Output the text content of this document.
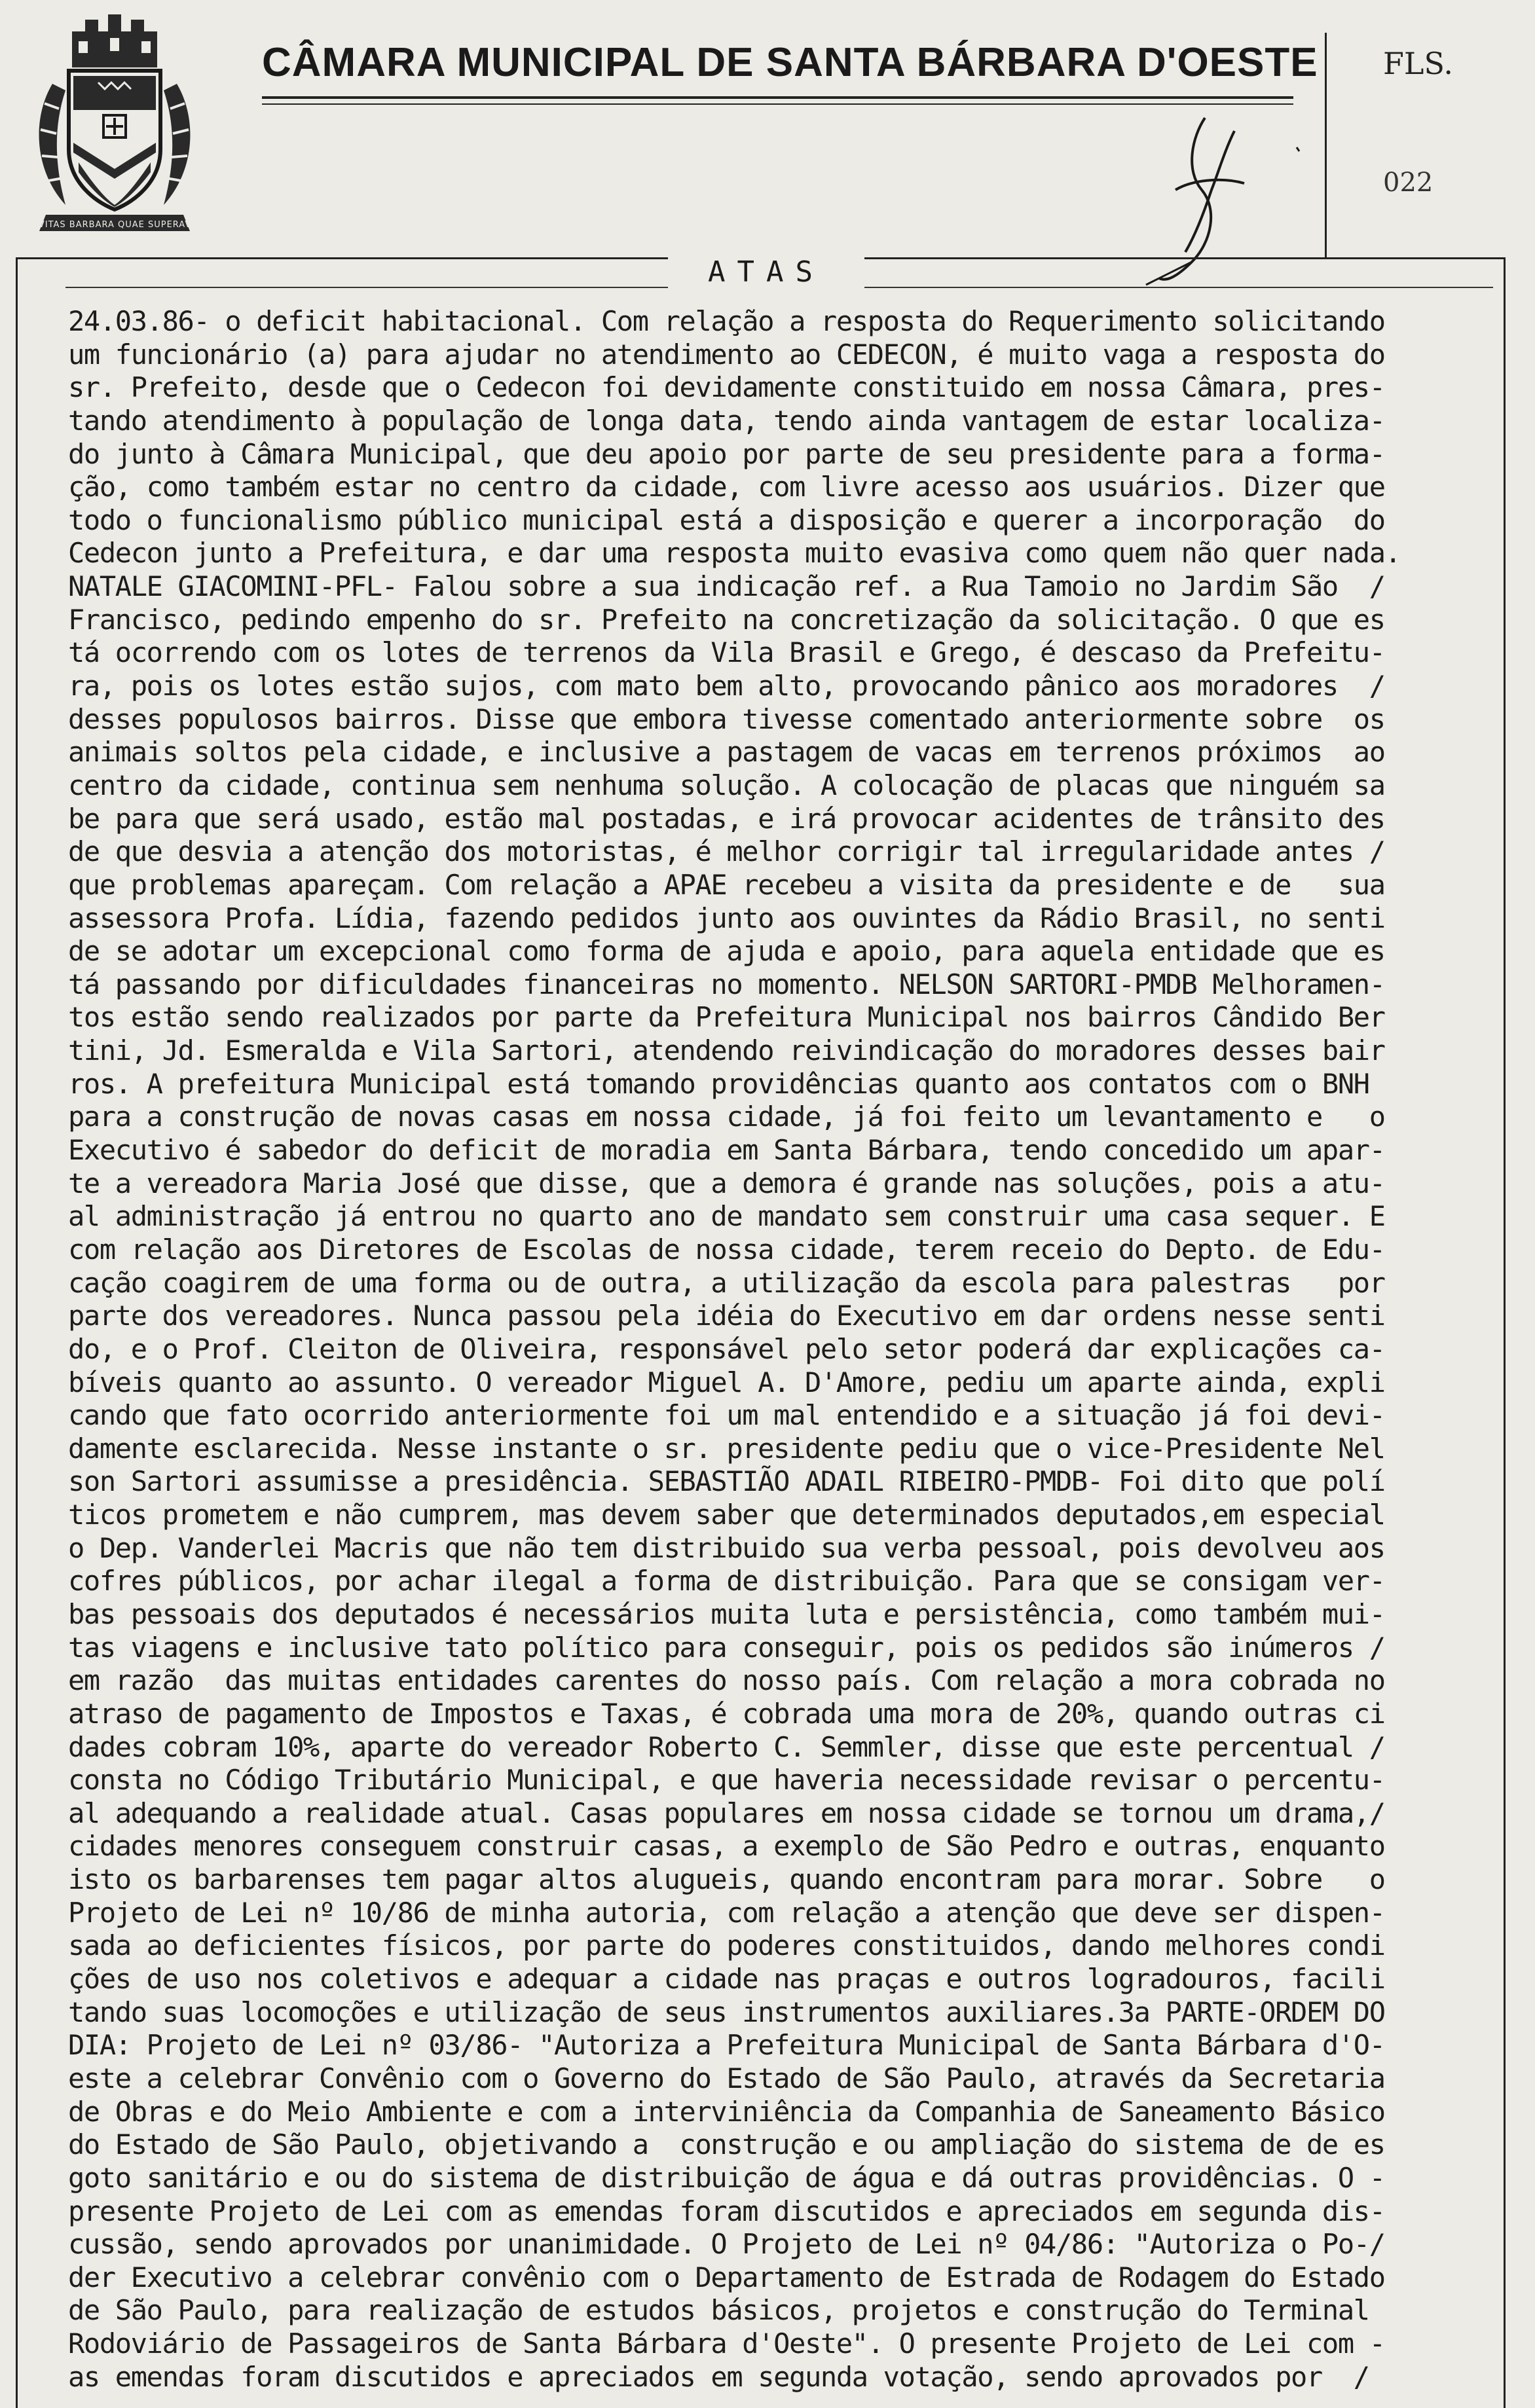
CIVITAS BARBARA QUAE SUPERAVIT
CÂMARA MUNICIPAL DE SANTA BÁRBARA D'OESTE FLS.
022
ATAS
24.03.86- o deficit habitacional. Com relação a resposta do Requerimento solicitando
um funcionário (a) para ajudar no atendimento ao CEDECON, é muito vaga a resposta do
sr. Prefeito, desde que o Cedecon foi devidamente constituido em nossa Câmara, pres-
tando atendimento à população de longa data, tendo ainda vantagem de estar localiza-
do junto à Câmara Municipal, que deu apoio por parte de seu presidente para a forma-
ção, como também estar no centro da cidade, com livre acesso aos usuários. Dizer que
todo o funcionalismo público municipal está a disposição e querer a incorporação  do
Cedecon junto a Prefeitura, e dar uma resposta muito evasiva como quem não quer nada.
NATALE GIACOMINI-PFL- Falou sobre a sua indicação ref. a Rua Tamoio no Jardim São  /
Francisco, pedindo empenho do sr. Prefeito na concretização da solicitação. O que es
tá ocorrendo com os lotes de terrenos da Vila Brasil e Grego, é descaso da Prefeitu-
ra, pois os lotes estão sujos, com mato bem alto, provocando pânico aos moradores  /
desses populosos bairros. Disse que embora tivesse comentado anteriormente sobre  os
animais soltos pela cidade, e inclusive a pastagem de vacas em terrenos próximos  ao
centro da cidade, continua sem nenhuma solução. A colocação de placas que ninguém sa
be para que será usado, estão mal postadas, e irá provocar acidentes de trânsito des
de que desvia a atenção dos motoristas, é melhor corrigir tal irregularidade antes /
que problemas apareçam. Com relação a APAE recebeu a visita da presidente e de   sua
assessora Profa. Lídia, fazendo pedidos junto aos ouvintes da Rádio Brasil, no senti
de se adotar um excepcional como forma de ajuda e apoio, para aquela entidade que es
tá passando por dificuldades financeiras no momento. NELSON SARTORI-PMDB Melhoramen-
tos estão sendo realizados por parte da Prefeitura Municipal nos bairros Cândido Ber
tini, Jd. Esmeralda e Vila Sartori, atendendo reivindicação do moradores desses bair
ros. A prefeitura Municipal está tomando providências quanto aos contatos com o BNH
para a construção de novas casas em nossa cidade, já foi feito um levantamento e   o
Executivo é sabedor do deficit de moradia em Santa Bárbara, tendo concedido um apar-
te a vereadora Maria José que disse, que a demora é grande nas soluções, pois a atu-
al administração já entrou no quarto ano de mandato sem construir uma casa sequer. E
com relação aos Diretores de Escolas de nossa cidade, terem receio do Depto. de Edu-
cação coagirem de uma forma ou de outra, a utilização da escola para palestras   por
parte dos vereadores. Nunca passou pela idéia do Executivo em dar ordens nesse senti
do, e o Prof. Cleiton de Oliveira, responsável pelo setor poderá dar explicações ca-
bíveis quanto ao assunto. O vereador Miguel A. D'Amore, pediu um aparte ainda, expli
cando que fato ocorrido anteriormente foi um mal entendido e a situação já foi devi-
damente esclarecida. Nesse instante o sr. presidente pediu que o vice-Presidente Nel
son Sartori assumisse a presidência. SEBASTIÃO ADAIL RIBEIRO-PMDB- Foi dito que polí
ticos prometem e não cumprem, mas devem saber que determinados deputados,em especial
o Dep. Vanderlei Macris que não tem distribuido sua verba pessoal, pois devolveu aos
cofres públicos, por achar ilegal a forma de distribuição. Para que se consigam ver-
bas pessoais dos deputados é necessários muita luta e persistência, como também mui-
tas viagens e inclusive tato político para conseguir, pois os pedidos são inúmeros /
em razão  das muitas entidades carentes do nosso país. Com relação a mora cobrada no
atraso de pagamento de Impostos e Taxas, é cobrada uma mora de 20%, quando outras ci
dades cobram 10%, aparte do vereador Roberto C. Semmler, disse que este percentual /
consta no Código Tributário Municipal, e que haveria necessidade revisar o percentu-
al adequando a realidade atual. Casas populares em nossa cidade se tornou um drama,/
cidades menores conseguem construir casas, a exemplo de São Pedro e outras, enquanto
isto os barbarenses tem pagar altos alugueis, quando encontram para morar. Sobre   o
Projeto de Lei nº 10/86 de minha autoria, com relação a atenção que deve ser dispen-
sada ao deficientes físicos, por parte do poderes constituidos, dando melhores condi
ções de uso nos coletivos e adequar a cidade nas praças e outros logradouros, facili
tando suas locomoções e utilização de seus instrumentos auxiliares.3a PARTE-ORDEM DO
DIA: Projeto de Lei nº 03/86- "Autoriza a Prefeitura Municipal de Santa Bárbara d'O-
este a celebrar Convênio com o Governo do Estado de São Paulo, através da Secretaria
de Obras e do Meio Ambiente e com a interviniência da Companhia de Saneamento Básico
do Estado de São Paulo, objetivando a  construção e ou ampliação do sistema de de es
goto sanitário e ou do sistema de distribuição de água e dá outras providências. O -
presente Projeto de Lei com as emendas foram discutidos e apreciados em segunda dis-
cussão, sendo aprovados por unanimidade. O Projeto de Lei nº 04/86: "Autoriza o Po-/
der Executivo a celebrar convênio com o Departamento de Estrada de Rodagem do Estado
de São Paulo, para realização de estudos básicos, projetos e construção do Terminal
Rodoviário de Passageiros de Santa Bárbara d'Oeste". O presente Projeto de Lei com -
as emendas foram discutidos e apreciados em segunda votação, sendo aprovados por  /
